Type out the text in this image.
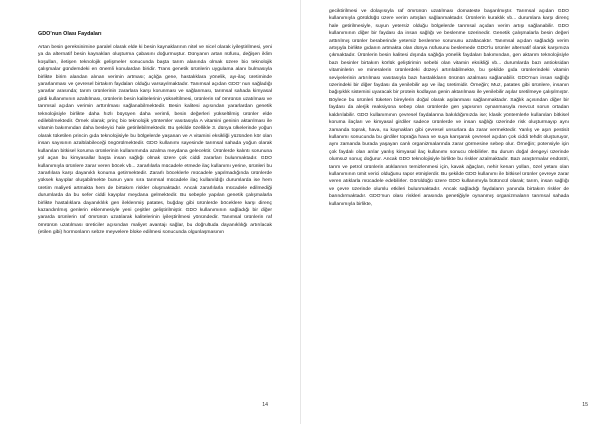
GDO’nun Olası Faydaları
Artan besin gereksinimine paralel olarak elde ki besin kaynaklarının nitel ve nicel olarak iyileştirilmesi, yeni ya da alternatif besin kaynakları oluşturma çabasını doğurmuştur. Dünyanın artan nüfusu, değişen iklim koşulları, iletişen teknolojik gelişmeler sonucunda başta tarım alanında olmak üzere bio teknolojik çalışmalar gündemdeki en önemli konulardan biridir. Trans genetik ürünlerin uygulama alanı bulmasıyla birlikte birim alandan alınan verimin artması; açlığa gene, hastalıklara yönelik, ayı-ilaç üretiminde yararlanması ve çevresel birtakım faydaları olduğu varsayılmaktadır. Tanımsal açıdan GDO’ nun sağladığı yararlar arasında; tarım ürünlerinin zararlara karşı korunması ve sağlanması, tarımsal sahada kimyasal girdi kullanımının azaltılması, ürünlerin besin kalitelerinin yükseltilmesi, ürünlerin raf ömrünün uzatılması ve tarımsal açıdan verimin arttırılması sağlanabilmektedir. Besin kalitesi açısından yararlardan genetik teknolojisiyle birlikte daha hızlı büyüyen daha verimli, besin değerleri yükseltilmiş ürünler elde edilebilmektedir. Örnek olarak; prinç bio teknolojik yöntemler vasıtasıyla A vitamini geninin aktarılması ile vitamin bakımından daha besleyici hale getirilebilmektedir. Bu şekilde özellikle 3. dünya ülkelerinde yoğun olarak tüketilen princin gıda teknolojisiyle bu bölgelerde yaşanan ve A vitamini eksikliği yüzünden kör olan insan sayısının azaltılabileceği öngörülmektedir. GDO kullanımı sayesinde tarımsal sahada yoğun olarak kullanılan bitkisel koruma ürünlerinin kullanımında azalma meydana gelecektir. Ürünlerde kalıntı sorununa yol açan bu kimyasallar başta insan sağlığı olmak üzere çok ciddi zararları bulunmaktadır. GDO kullanımıyla ürünlere zarar veren böcek vb... zararlılarla mücadele etmede ilaç kullanımı yerine, ürünleri bu zararlılara karşı dayanıklı konuma getirmektedir. Zararlı böceklerle mücadele yapılmadığında ürünlerde yüksek kayıplar oluşabilmekte bunun yanı sıra tarımsal mücadele ilaç kullanıldığı durumlarda ise hem üretim maliyeti artmakta hem de birtakım riskler oluşmaktadır. Ancak zararlılarla mücadele edilmediği durumlarda da bu sefer ciddi kayıplar meydana gelmektedir. Bu sebeple yapılan genetik çalışmalarla birlikte hastalıklara dayanıklılık gen ileklenmiş patates, buğday gibi ürünlerde böceklere karşı direnç kazandırılmış genlerin eklenmesiyle yeni çeşitler geliştirilmiştir. GDO kullanımının sağladığı bir diğer yararda ürünlerin raf ömrünün uzatılarak kalitelerinin iyileştirilmesi yönündedir. Tanımsal ürünlerin raf ömrünün uzatılması üreticiler açısından maliyet avantajı sağlar, bu doğrultuda dayanıklılığı artırılacak (etilen gibi) hormonların sebze meyvelere bloke edilmesi sonucunda olgunlaşmasının
14
geciktirilmesi ve dolayısıyla raf ömrünün uzatılması domateste başarılmıştır. Tarımsal açıdan GDO kullanımıyla görüldüğü üzere verim artışları sağlanmaktadır. Ürünlerin kuraklık vb... durumlara karşı direnç hale getirilmesiyle, suyun yetersiz olduğu bölgelerde tarımsal açıdan verim artışı sağlanabilir. GDO kullanımının diğer bir faydası da insan sağlığı ve beslenme üzerinedir. Genetik çalışmalarla besin değeri arttırılmış ürünler beraberinde yetersiz beslenme sorununu azaltacaktır. Tanımsal açıdan sağladığı verim artışıyla birlikte gıdanın artmakta olan dünya nüfusunu beslemede GDO’lu ürünler alternatif olarak karşımıza çıkmaktadır. Ürünlerin besin kalitesi dışında sağlığa yönelik faydaları bakımından, gen aktarım teknolojisiyle bazı besinler birtakım körlük geliştirimin sebebi olan vitamin eksikliği vb... durumlarda bazı antioksidan vitaminlerin ve mineralerin ürünlerdeki düzeyi artırılabilmekte, bu şekilde gıda ürünlerindeki vitamin seviyelerinin artırılması vasıtasıyla bazı hastalıkların önünün azalması sağlanabilir. GDO’nun insan sağlığı üzerindeki bir diğer faydası da yenilebilir aşı ve ilaç üretimidir. Örneğin; Muz, patates gibi ürünlere, insanın bağışıklık sistemini uyaracak bir protein kodlayan genin aktarılması ile yenilebilir aşılar üretilmeye çalışılmıştır. Böylece bu ürünleri tüketen bireylerin doğal olarak aşılanması sağlanmaktadır. Sağlık açısından diğer bir faydası da alerjik reaksiyona sebep olan ürünlerde gen yapısının oynanmasıyla mevcut sorun ortadan kaldırılabilir. GDO kullanımının çevresel faydalarına bakıldığımızda ise; klasik yöntemlerle kullanılan bitkisel koruma ilaçları ve kimyasal girdiler sadece ürünlerde ve insan sağlığı üzerinde risk oluşturmayıp aynı zamanda toprak, hava, su kaynakları gibi çevresel unsurlara da zarar vermektedir. Yanlış ve aşırı pestisit kullanımı sonucunda bu girdiler toprağa hava ve suya karışarak çevresel açıdan çok ciddi tehdit oluşturuyor, aynı zamanda burada yaşayan canlı organizmalarında zarar görmesine sebep olur. Örneğin; potensiyle için çok faydalı olan arılar yanlış kimyasal ilaç kullanımı sonucu ölebilirler. Bu durum doğal dengeyi üzerinde olumsuz sonuç doğurur. Ancak GDO teknolojisiyle birlikte bu riskler azalmaktadır. Bazı araştırmalar endüstri, tarım ve petrol ürünlerin atıklarının temizlenmesi için, kavak ağaçları, nehir kenarı yolları, özel yetanı olan kullanımının ümit verici olduğunu rapor etmişlerdir. Bu şekilde GDO kullanımı ile bitkisel ürünler çevreye zarar veren atıklarla mücadele edebilirler. Görüldüğü üzere GDO kullanımıyla bütüncül olarak; tarım, insan sağlığı ve çevre üzerinde olumlu etkileri bulunmaktadır. Ancak sağladığı faydaların yanında birtakım riskler de barındırmaktadır. GDO’nun olası riskleri arasında genetiğiyle oynanmış organizmaların tarımsal sahada kullanımıyla birlikte,
15
